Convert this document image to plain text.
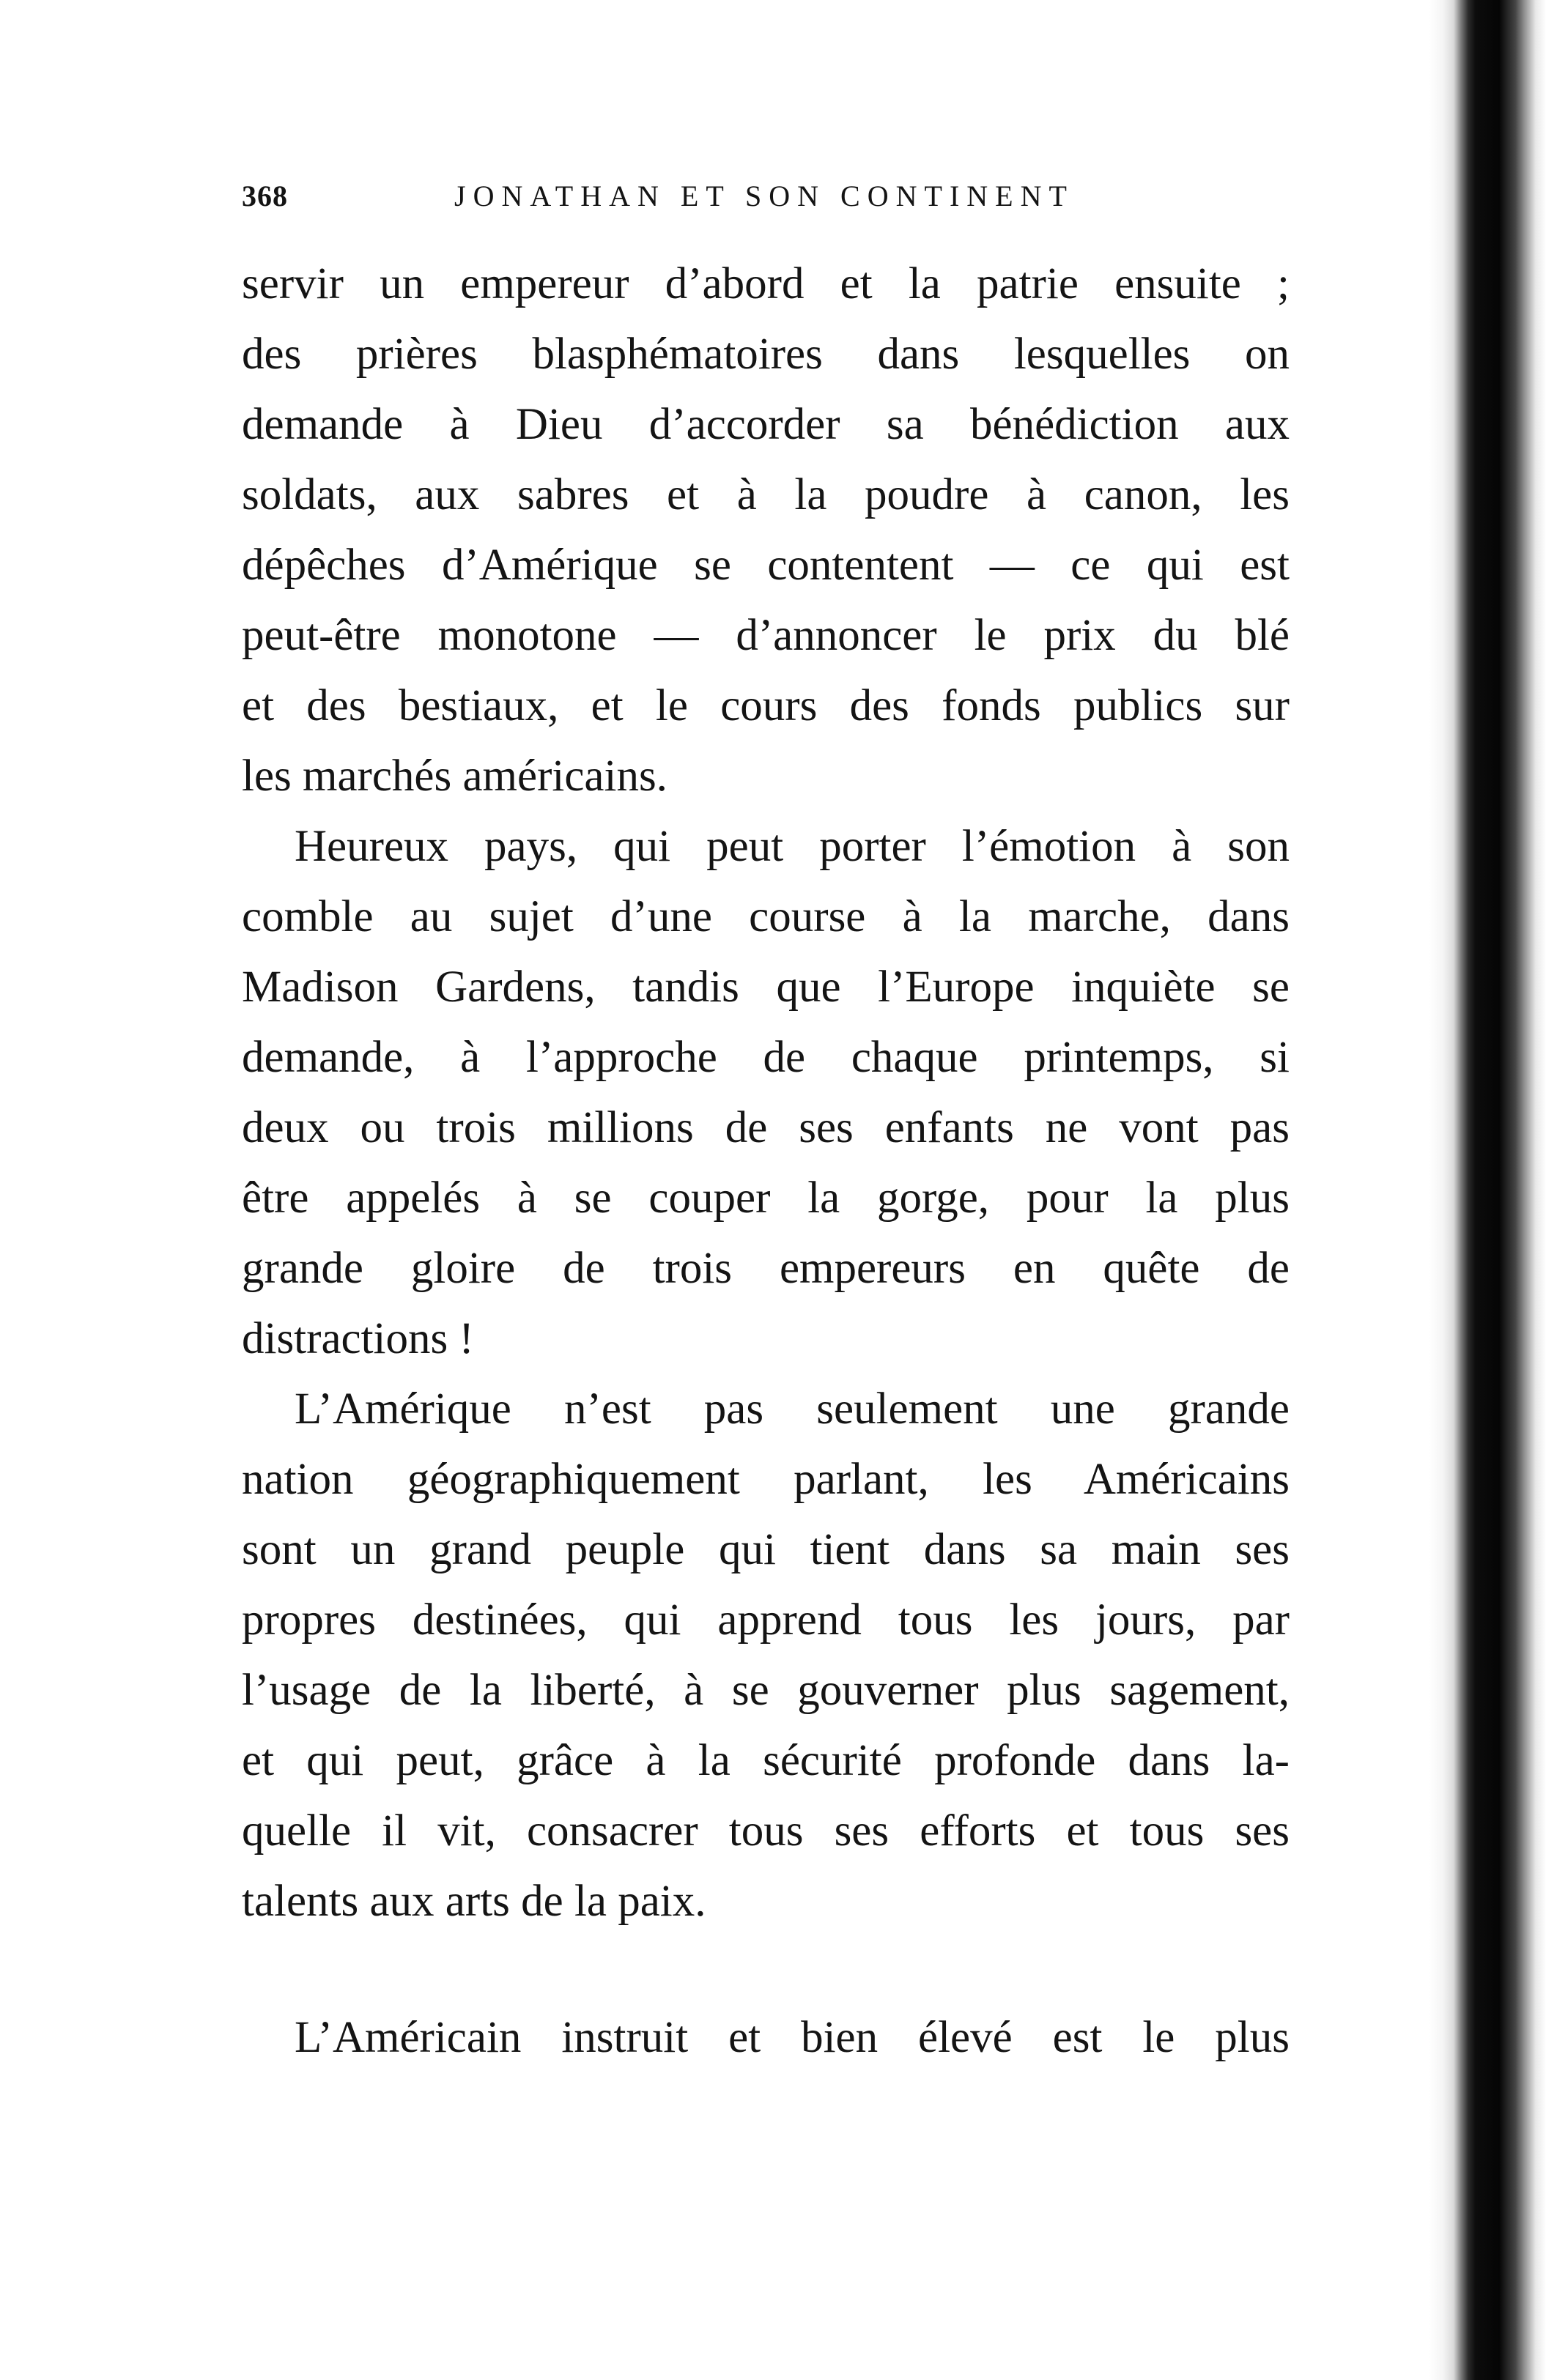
368	JONATHAN ET SON CONTINENT
servir un empereur d’abord et la patrie ensuite ;
des prières blasphématoires dans lesquelles on
demande à Dieu d’accorder sa bénédiction aux
soldats, aux sabres et à la poudre à canon, les
dépêches d’Amérique se contentent — ce qui est
peut-être monotone — d’annoncer le prix du blé
et des bestiaux, et le cours des fonds publics sur
les marchés américains.
Heureux pays, qui peut porter l’émotion à son
comble au sujet d’une course à la marche, dans
Madison Gardens, tandis que l’Europe inquiète se
demande, à l’approche de chaque printemps, si
deux ou trois millions de ses enfants ne vont pas
être appelés à se couper la gorge, pour la plus
grande gloire de trois empereurs en quête de
distractions !
L’Amérique n’est pas seulement une grande
nation géographiquement parlant, les Américains
sont un grand peuple qui tient dans sa main ses
propres destinées, qui apprend tous les jours, par
l’usage de la liberté, à se gouverner plus sagement,
et qui peut, grâce à la sécurité profonde dans la-
quelle il vit, consacrer tous ses efforts et tous ses
talents aux arts de la paix.
L’Américain instruit et bien élevé est le plus
